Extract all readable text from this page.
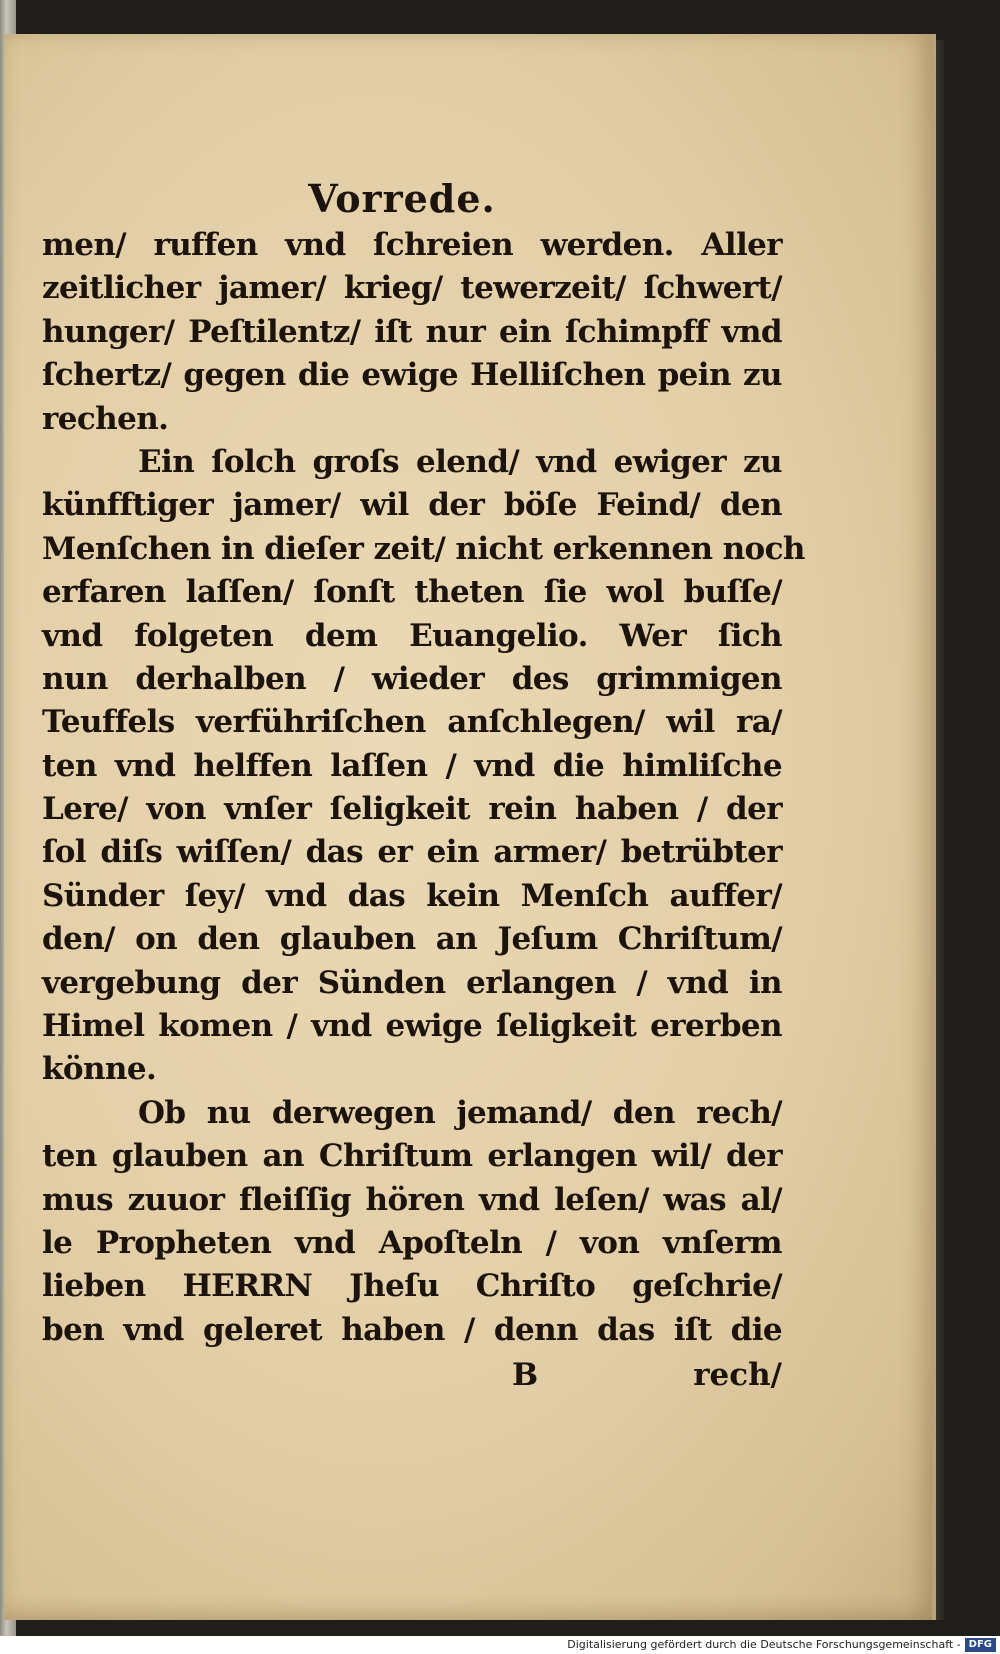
Vorrede.
men/ ruffen vnd ſchreien werden. Aller
zeitlicher jamer/ krieg/ tewerzeit/ ſchwert/
hunger/ Peſtilentz/ iſt nur ein ſchimpff vnd
ſchertz/ gegen die ewige Helliſchen pein zu
rechen.
Ein ſolch groſs elend/ vnd ewiger zu
künfftiger jamer/ wil der böſe Feind/ den
Menſchen in dieſer zeit/ nicht erkennen noch
erfaren laſſen/ ſonſt theten ſie wol buſſe/
vnd folgeten dem Euangelio. Wer ſich
nun derhalben / wieder des grimmigen
Teuffels verführiſchen anſchlegen/ wil ra/
ten vnd helffen laſſen / vnd die himliſche
Lere/ von vnſer ſeligkeit rein haben / der
ſol diſs wiſſen/ das er ein armer/ betrübter
Sünder ſey/ vnd das kein Menſch auffer/
den/ on den glauben an Jeſum Chriſtum/
vergebung der Sünden erlangen / vnd in
Himel komen / vnd ewige ſeligkeit ererben
könne.
Ob nu derwegen jemand/ den rech/
ten glauben an Chriſtum erlangen wil/ der
mus zuuor fleiſſig hören vnd leſen/ was al/
le Propheten vnd Apoſteln / von vnſerm
lieben HERRN Jheſu Chriſto geſchrie/
ben vnd geleret haben / denn das iſt die
B	rech/
Digitalisierung gefördert durch die Deutsche Forschungsgemeinschaft - DFG
